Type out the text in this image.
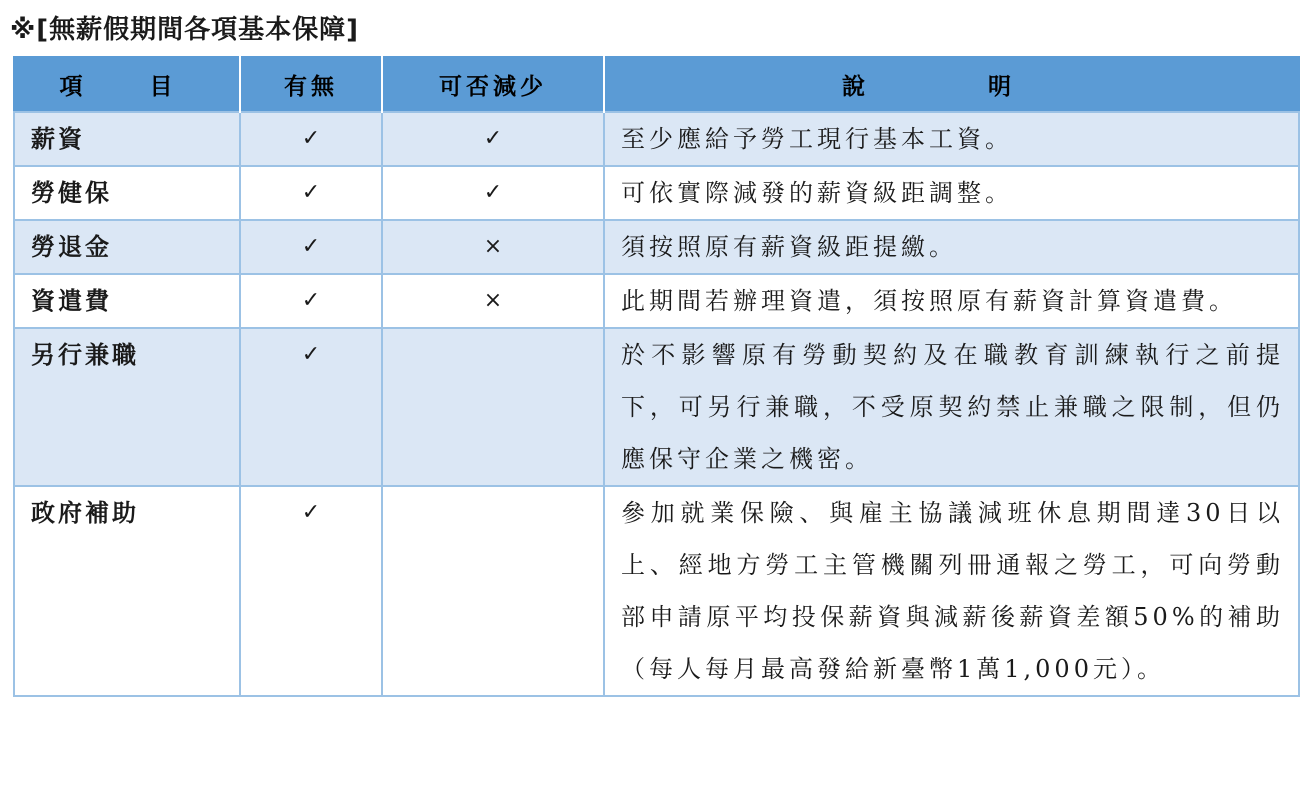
※[無薪假期間各項基本保障]
項　目	有無	可否減少	說　明
薪資	✓	✓	至少應給予勞工現行基本工資。
勞健保	✓	✓	可依實際減發的薪資級距調整。
勞退金	✓	×	須按照原有薪資級距提繳。
資遣費	✓	×	此期間若辦理資遣，須按照原有薪資計算資遣費。
另行兼職	✓		於不影響原有勞動契約及在職教育訓練執行之前提下，可另行兼職，不受原契約禁止兼職之限制，但仍應保守企業之機密。
政府補助	✓		參加就業保險、與雇主協議減班休息期間達30日以上、經地方勞工主管機關列冊通報之勞工，可向勞動部申請原平均投保薪資與減薪後薪資差額50%的補助（每人每月最高發給新臺幣1萬1,000元）。
